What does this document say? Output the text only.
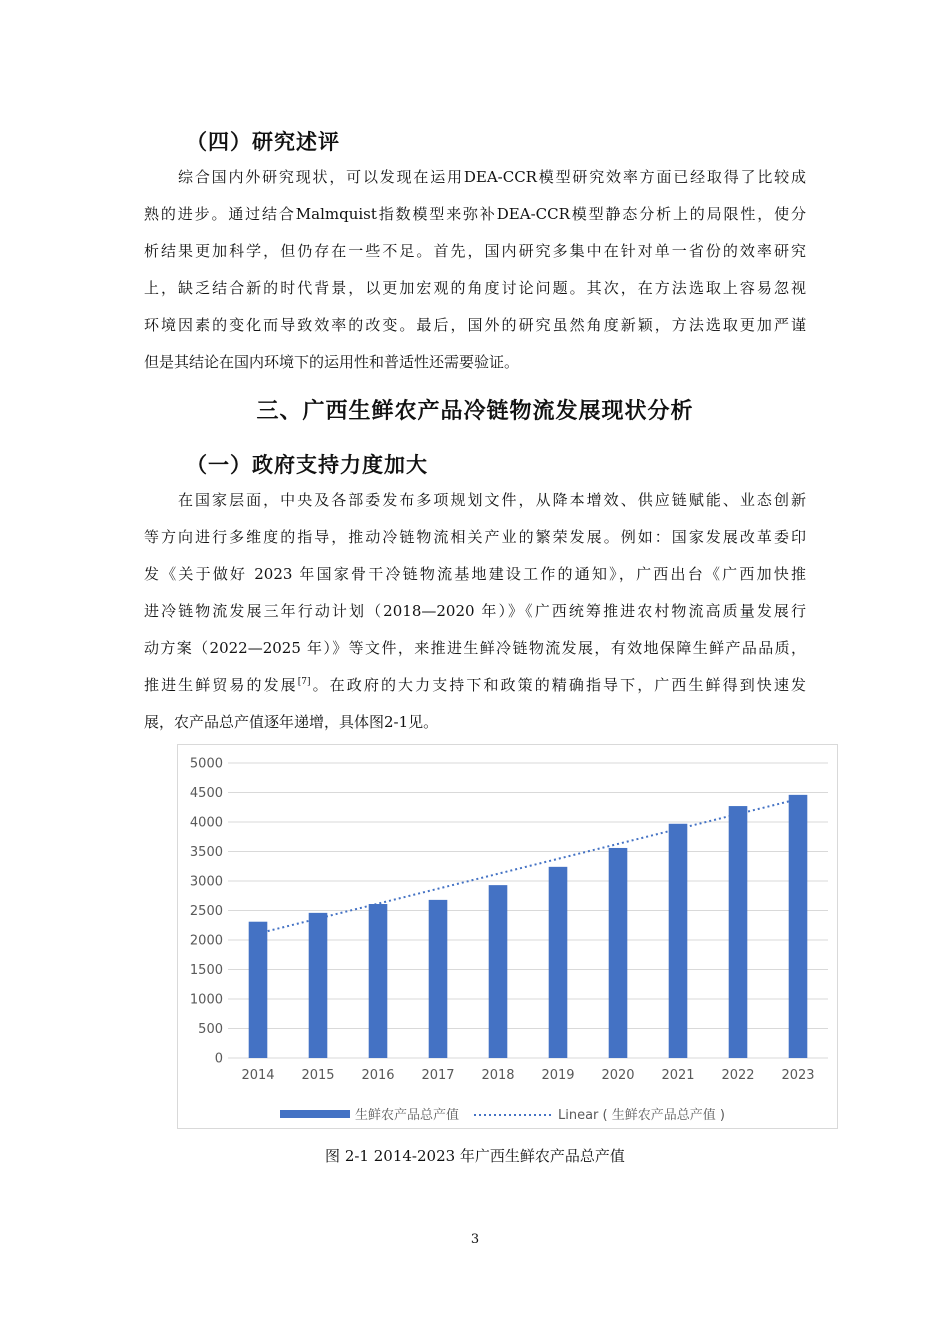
（四）研究述评
综合国内外研究现状，可以发现在运用DEA-CCR模型研究效率方面已经取得了比较成
熟的进步。通过结合Malmquist指数模型来弥补DEA-CCR模型静态分析上的局限性，使分
析结果更加科学，但仍存在一些不足。首先，国内研究多集中在针对单一省份的效率研究
上，缺乏结合新的时代背景，以更加宏观的角度讨论问题。其次，在方法选取上容易忽视
环境因素的变化而导致效率的改变。最后，国外的研究虽然角度新颖，方法选取更加严谨
但是其结论在国内环境下的运用性和普适性还需要验证。
三、广西生鲜农产品冷链物流发展现状分析
（一）政府支持力度加大
在国家层面，中央及各部委发布多项规划文件，从降本增效、供应链赋能、业态创新
等方向进行多维度的指导，推动冷链物流相关产业的繁荣发展。例如：国家发展改革委印
发《关于做好 2023 年国家骨干冷链物流基地建设工作的通知》，广西出台《广西加快推
进冷链物流发展三年行动计划（2018—2020 年）》《广西统筹推进农村物流高质量发展行
动方案（2022—2025 年）》等文件，来推进生鲜冷链物流发展，有效地保障生鲜产品品质，
推进生鲜贸易的发展[7]。在政府的大力支持下和政策的精确指导下，广西生鲜得到快速发
展，农产品总产值逐年递增，具体图2-1见。
0
500
1000
1500
2000
2500
3000
3500
4000
4500
5000
2014 2015 2016 2017 2018 2019 2020 2021 2022 2023
生鲜农产品总产值	Linear ( 生鲜农产品总产值 )
图 2-1 2014-2023 年广西生鲜农产品总产值
3
